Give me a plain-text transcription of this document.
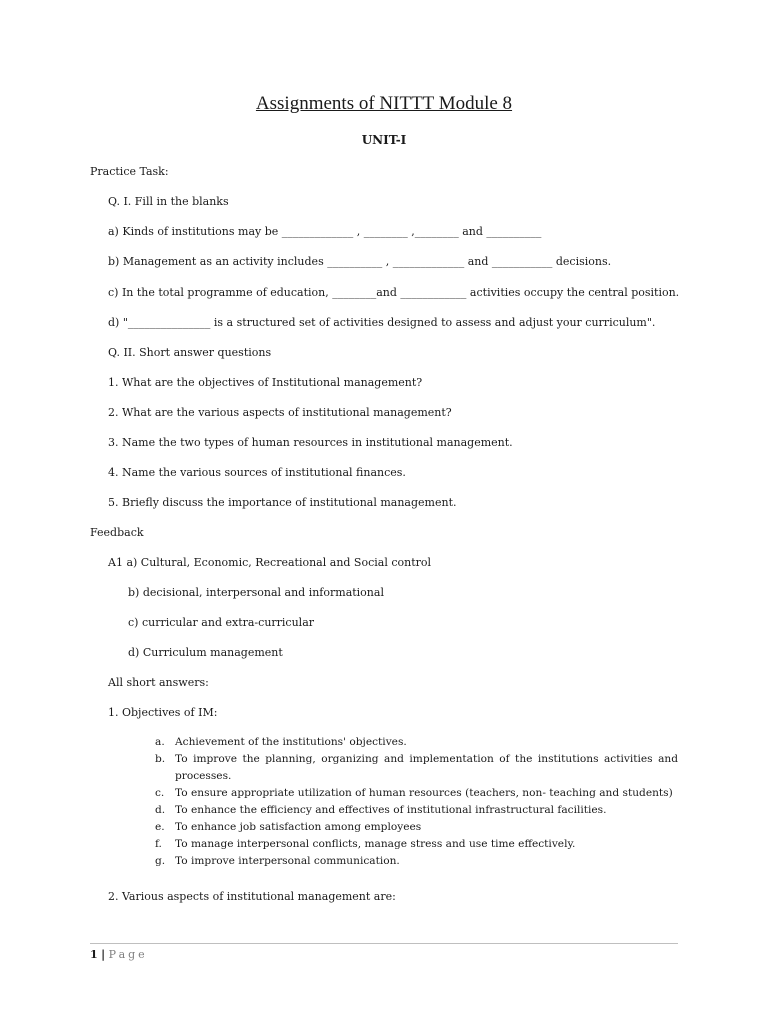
Assignments of NITTT Module 8
UNIT-I
Practice Task:
Q. I. Fill in the blanks
a) Kinds of institutions may be _____________ , ________ ,________ and __________
b) Management as an activity includes __________ , _____________ and ___________ decisions.
c) In the total programme of education, ________and ____________ activities occupy the central position.
d) "_______________ is a structured set of activities designed to assess and adjust your curriculum".
Q. II. Short answer questions
1. What are the objectives of Institutional management?
2. What are the various aspects of institutional management?
3. Name the two types of human resources in institutional management.
4. Name the various sources of institutional finances.
5. Briefly discuss the importance of institutional management.
Feedback
A1 a) Cultural, Economic, Recreational and Social control
b) decisional, interpersonal and informational
c) curricular and extra-curricular
d) Curriculum management
All short answers:
1. Objectives of IM:
a. Achievement of the institutions' objectives.
b. To improve the planning, organizing and implementation of the institutions activities and processes.
c. To ensure appropriate utilization of human resources (teachers, non- teaching and students)
d. To enhance the efficiency and effectives of institutional infrastructural facilities.
e. To enhance job satisfaction among employees
f. To manage interpersonal conflicts, manage stress and use time effectively.
g. To improve interpersonal communication.
2. Various aspects of institutional management are:
1 | Page
